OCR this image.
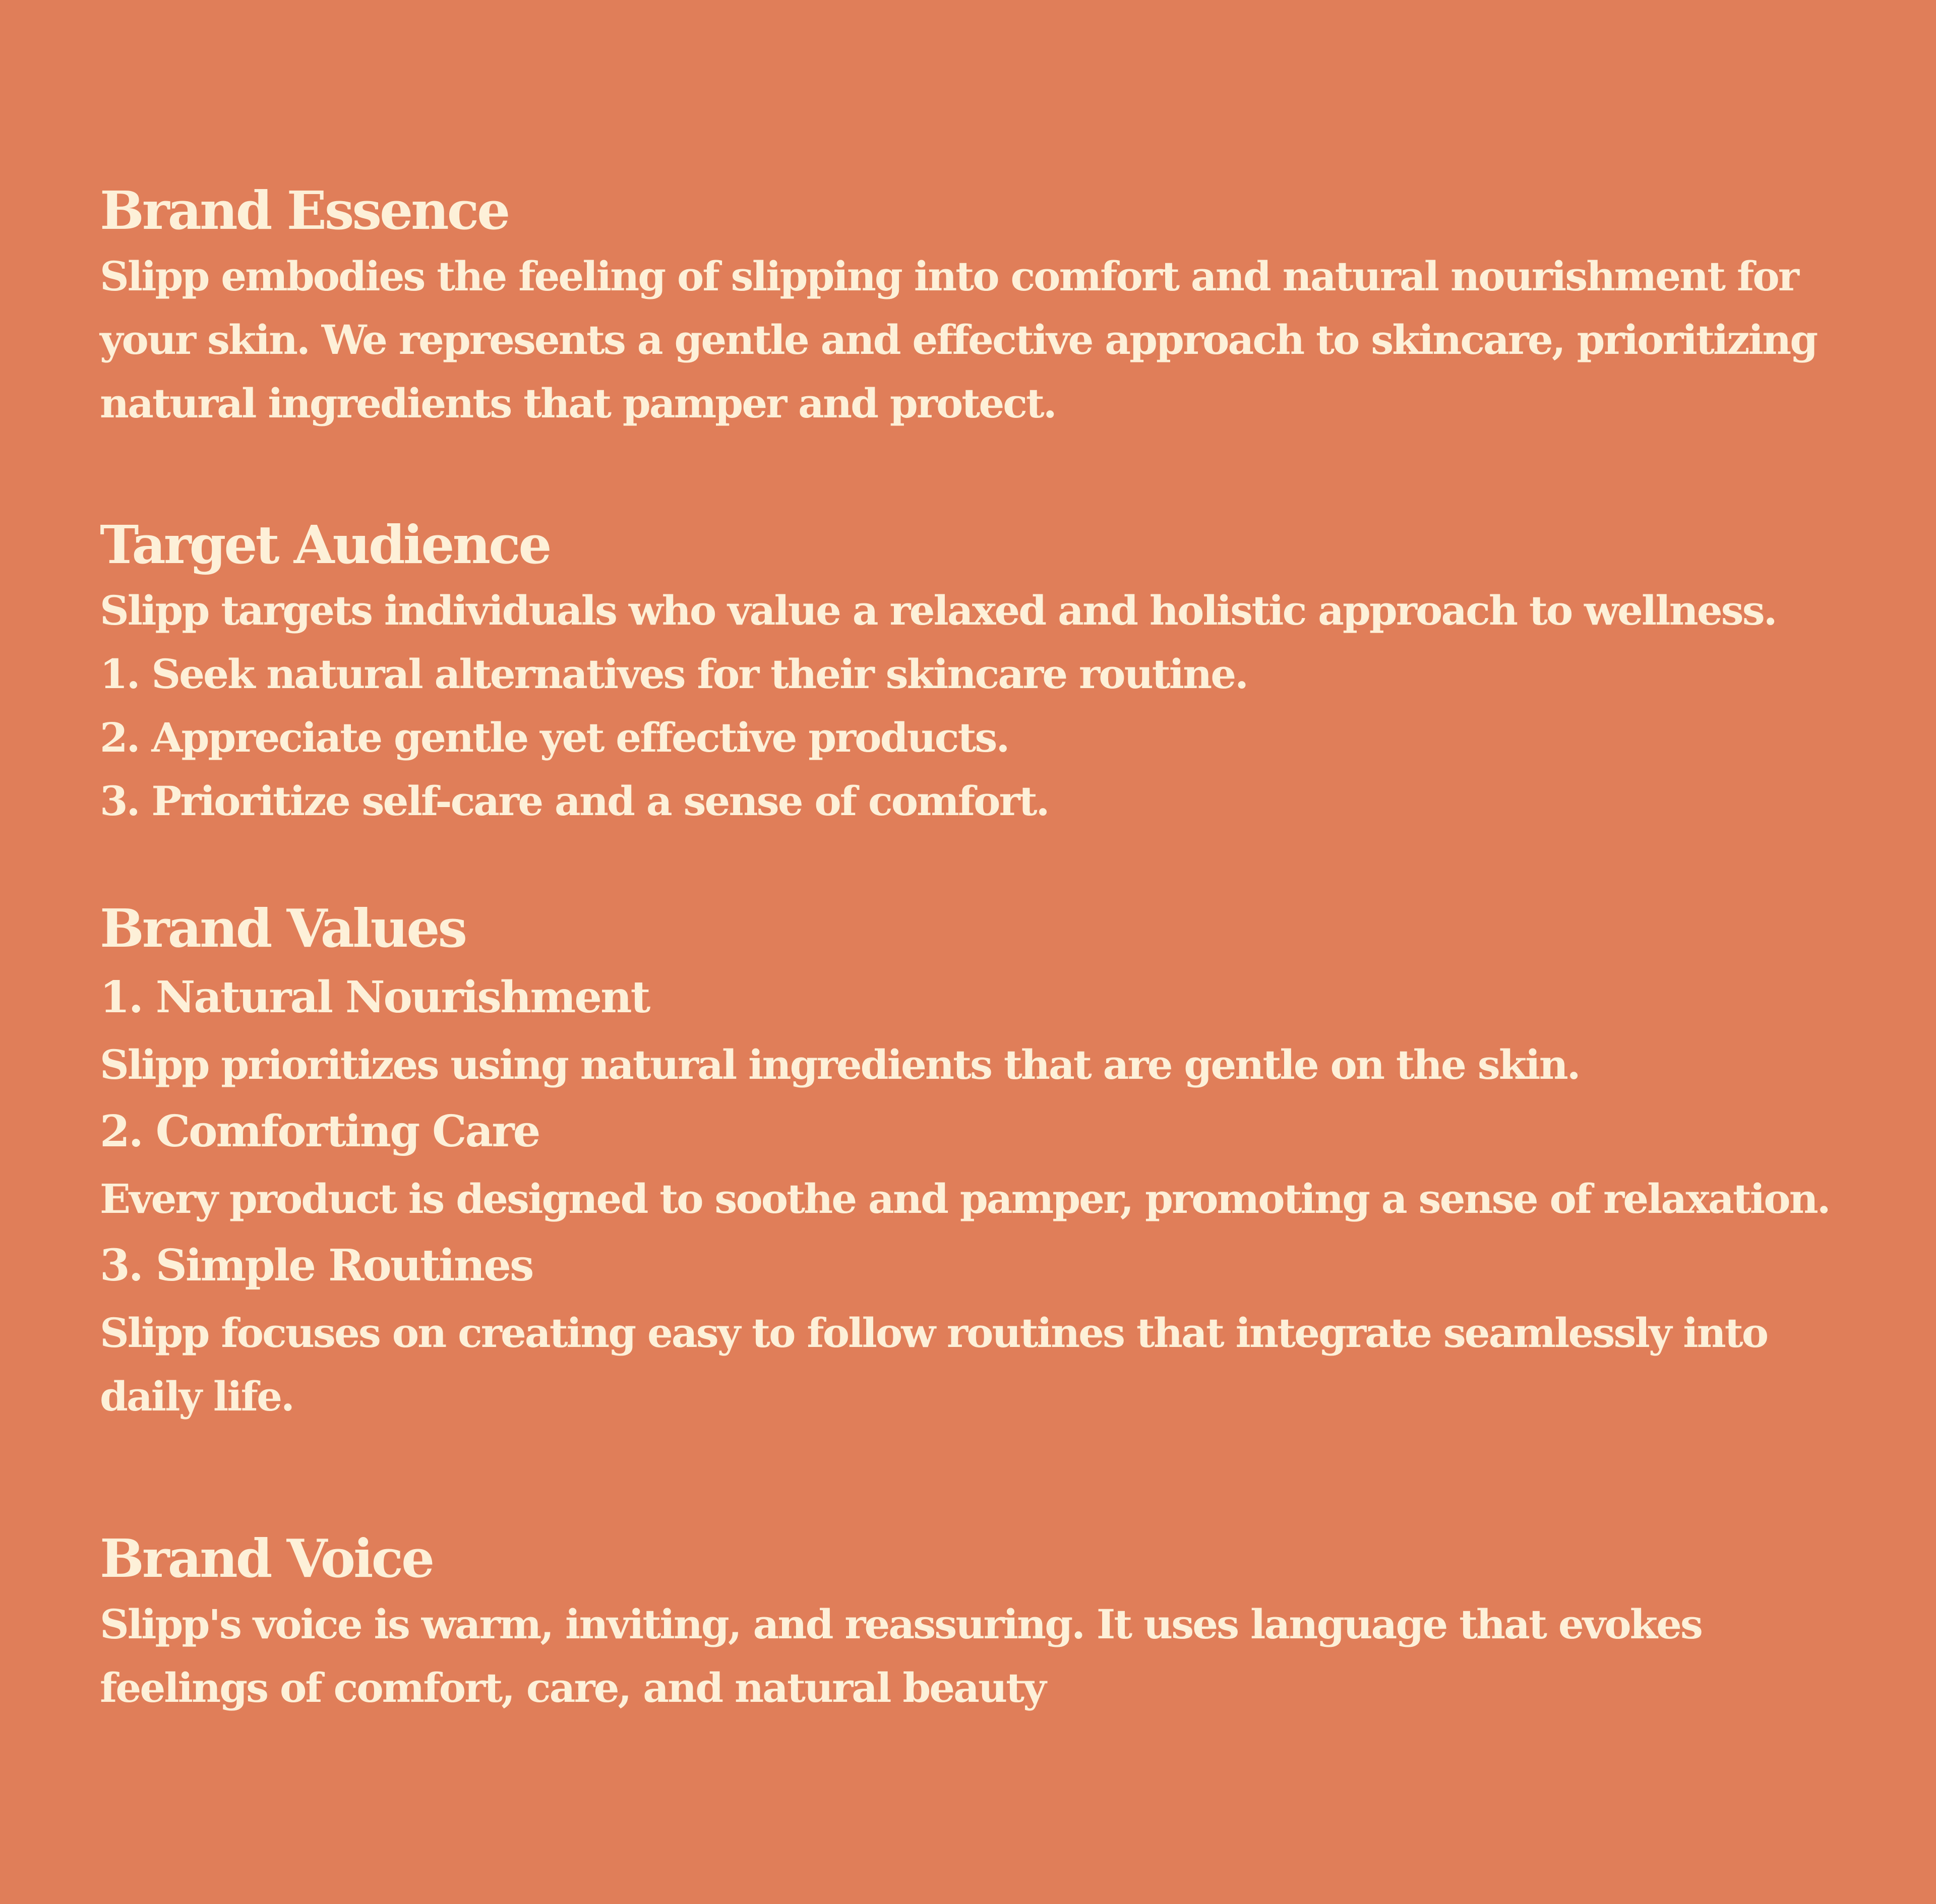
Brand Essence

Slipp embodies the feeling of slipping into comfort and natural nourishment for your skin. We represents a gentle and effective approach to skincare, prioritizing natural ingredients that pamper and protect.

Target Audience

Slipp targets individuals who value a relaxed and holistic approach to wellness.

1. Seek natural alternatives for their skincare routine.

2. Appreciate gentle yet effective products.

3. Prioritize self-care and a sense of comfort.

Brand Values
1. Natural Nourishment

Slipp prioritizes using natural ingredients that are gentle on the skin.

2. Comforting Care

Every product is designed to soothe and pamper, promoting a sense of relaxation.

3. Simple Routines

Slipp focuses on creating easy to follow routines that integrate seamlessly into daily life.

Brand Voice

Slipp's voice is warm, inviting, and reassuring. It uses language that evokes feelings of comfort, care, and natural beauty
